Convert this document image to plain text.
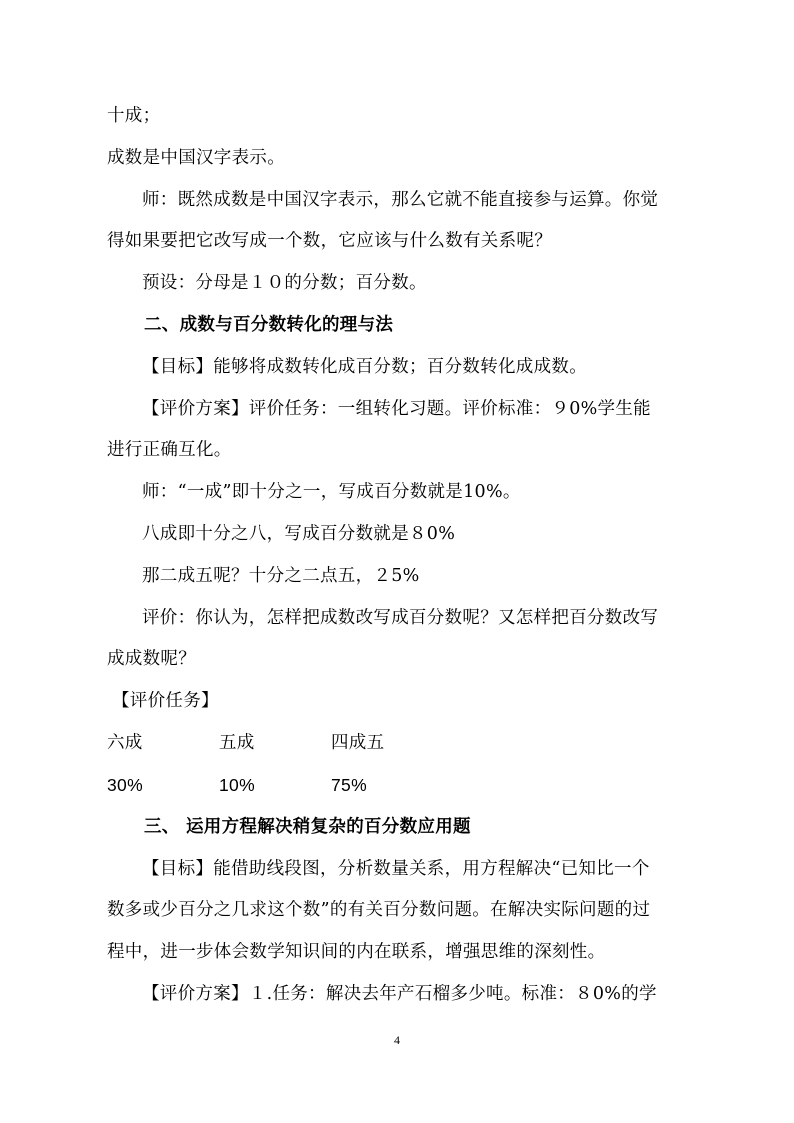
十成；
成数是中国汉字表示。
师：既然成数是中国汉字表示，那么它就不能直接参与运算。你觉
得如果要把它改写成一个数，它应该与什么数有关系呢？
预设：分母是１０的分数；百分数。
二、成数与百分数转化的理与法
【目标】能够将成数转化成百分数；百分数转化成成数。
【评价方案】评价任务：一组转化习题。评价标准：９0%学生能
进行正确互化。
师：“一成”即十分之一，写成百分数就是10%。
八成即十分之八，写成百分数就是８0%
那二成五呢？十分之二点五，２5%
评价：你认为，怎样把成数改写成百分数呢？又怎样把百分数改写
成成数呢？
【评价任务】
六成	五成	四成五
30%	10%	75%
三、 运用方程解决稍复杂的百分数应用题
【目标】能借助线段图，分析数量关系，用方程解决“已知比一个
数多或少百分之几求这个数”的有关百分数问题。在解决实际问题的过
程中，进一步体会数学知识间的内在联系，增强思维的深刻性。
【评价方案】１.任务：解决去年产石榴多少吨。标准：８0%的学
4
